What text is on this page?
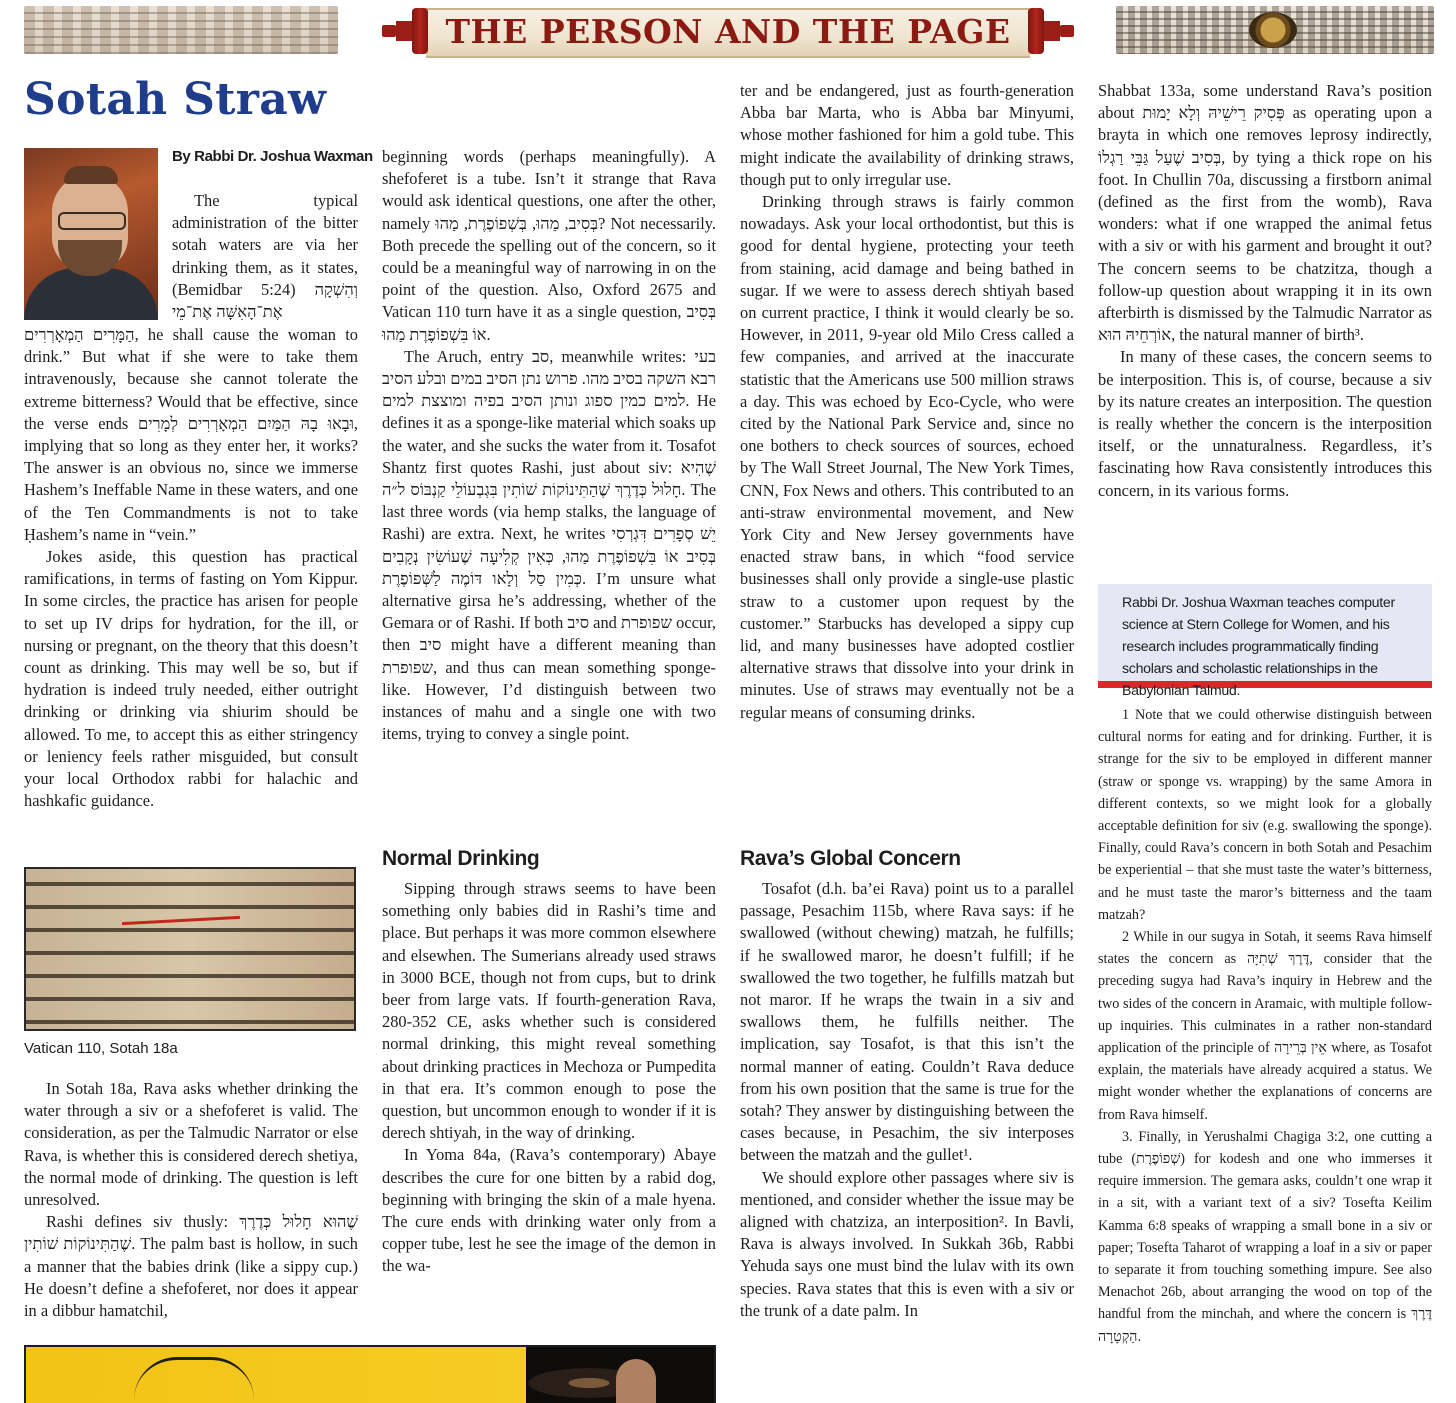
THE PERSON AND THE PAGE
Sotah Straw
By Rabbi Dr. Joshua Waxman

The typical administration of the bitter sotah waters are via her drinking them, as it states, (Bemidbar 5:24) וְהִשְׁקָה אֶת־הָאִשָּׁה אֶת־מֵי

הַמָּרִים הַמְאָרְרִים, he shall cause the woman to drink.” But what if she were to take them intravenously, because she cannot tolerate the extreme bitterness? Would that be effective, since the verse ends וּבָאוּ בָהּ הַמַּיִם הַמְאָרְרִים לְמָרִים, implying that so long as they enter her, it works? The answer is an obvious no, since we immerse Hashem’s Ineffable Name in these waters, and one of the Ten Commandments is not to take Ḥashem’s name in “vein.”

Jokes aside, this question has practical ramifications, in terms of fasting on Yom Kippur. In some circles, the practice has arisen for people to set up IV drips for hydration, for the ill, or nursing or pregnant, on the theory that this doesn’t count as drinking. This may well be so, but if hydration is indeed truly needed, either outright drinking or drinking via shiurim should be allowed. To me, to accept this as either stringency or leniency feels rather misguided, but consult your local Orthodox rabbi for halachic and hashkafic guidance.

Vatican 110, Sotah 18a

In Sotah 18a, Rava asks whether drinking the water through a siv or a shefoferet is valid. The consideration, as per the Talmudic Narrator or else Rava, is whether this is considered derech shetiya, the normal mode of drinking. The question is left unresolved.

Rashi defines siv thusly: שֶׁהוּא חָלוּל כְּדֶרֶךְ שֶׁהַתִּינוֹקוֹת שׁוֹתִין. The palm bast is hollow, in such a manner that the babies drink (like a sippy cup.) He doesn’t define a shefoferet, nor does it appear in a dibbur hamatchil,

beginning words (perhaps meaningfully). A shefoferet is a tube. Isn’t it strange that Rava would ask identical questions, one after the other, namely בְּסִיב, מַהוּ, בְּשְׁפוֹפֶרֶת, מַהוּ? Not necessarily. Both precede the spelling out of the concern, so it could be a meaningful way of narrowing in on the point of the question. Also, Oxford 2675 and Vatican 110 turn have it as a single question, בְּסִיב אוֹ בִּשְׁפוֹפֶרֶת מַהוּ.

The Aruch, entry סב, meanwhile writes: בעי רבא השקה בסיב מהו. פרוש נתן הסיב במים ובלע הסיב למים כמין ספוג ונותן הסיב בפיה ומוצצת למים. He defines it as a sponge-like material which soaks up the water, and she sucks the water from it. Tosafot Shantz first quotes Rashi, just about siv: שֶׁהִיא חָלוּל כְּדֶרֶךְ שֶׁהַתִּינוֹקוֹת שׁוֹתִין בִּגְבְעוֹלֵי קַנְבּוֹס ל״ה. The last three words (via hemp stalks, the language of Rashi) are extra. Next, he writes יֵשׁ סְפָרִים דִּגְרְסִי בְּסִיב אוֹ בִּשְׁפוֹפֶרֶת מַהוּ, כְּאִין קְלִיעָה שֶׁעוֹשִׂין נְקָבִים כְּמִין סַל וְלָאו דּוֹמֶה לַשְּׁפוֹפֶרֶת. I’m unsure what alternative girsa he’s addressing, whether of the Gemara or of Rashi. If both סיב and שפופרת occur, then סיב might have a different meaning than שפופרת, and thus can mean something sponge-like. However, I’d distinguish between two instances of mahu and a single one with two items, trying to convey a single point.

Normal Drinking

Sipping through straws seems to have been something only babies did in Rashi’s time and place. But perhaps it was more common elsewhere and elsewhen. The Sumerians already used straws in 3000 BCE, though not from cups, but to drink beer from large vats. If fourth-generation Rava, 280-352 CE, asks whether such is considered normal drinking, this might reveal something about drinking practices in Mechoza or Pumpedita in that era. It’s common enough to pose the question, but uncommon enough to wonder if it is derech shtiyah, in the way of drinking.

In Yoma 84a, (Rava’s contemporary) Abaye describes the cure for one bitten by a rabid dog, beginning with bringing the skin of a male hyena. The cure ends with drinking water only from a copper tube, lest he see the image of the demon in the wa-

ter and be endangered, just as fourth-generation Abba bar Marta, who is Abba bar Minyumi, whose mother fashioned for him a gold tube. This might indicate the availability of drinking straws, though put to only irregular use.

Drinking through straws is fairly common nowadays. Ask your local orthodontist, but this is good for dental hygiene, protecting your teeth from staining, acid damage and being bathed in sugar. If we were to assess derech shtiyah based on current practice, I think it would clearly be so. However, in 2011, 9-year old Milo Cress called a few companies, and arrived at the inaccurate statistic that the Americans use 500 million straws a day. This was echoed by Eco-Cycle, who were cited by the National Park Service and, since no one bothers to check sources of sources, echoed by The Wall Street Journal, The New York Times, CNN, Fox News and others. This contributed to an anti-straw environmental movement, and New York City and New Jersey governments have enacted straw bans, in which “food service businesses shall only provide a single-use plastic straw to a customer upon request by the customer.” Starbucks has developed a sippy cup lid, and many businesses have adopted costlier alternative straws that dissolve into your drink in minutes. Use of straws may eventually not be a regular means of consuming drinks.

Rava’s Global Concern

Tosafot (d.h. ba’ei Rava) point us to a parallel passage, Pesachim 115b, where Rava says: if he swallowed (without chewing) matzah, he fulfills; if he swallowed maror, he doesn’t fulfill; if he swallowed the two together, he fulfills matzah but not maror. If he wraps the twain in a siv and swallows them, he fulfills neither. The implication, say Tosafot, is that this isn’t the normal manner of eating. Couldn’t Rava deduce from his own position that the same is true for the sotah? They answer by distinguishing between the cases because, in Pesachim, the siv interposes between the matzah and the gullet¹.

We should explore other passages where siv is mentioned, and consider whether the issue may be aligned with chatziza, an interposition². In Bavli, Rava is always involved. In Sukkah 36b, Rabbi Yehuda says one must bind the lulav with its own species. Rava states that this is even with a siv or the trunk of a date palm. In

Shabbat 133a, some understand Rava’s position about פְּסִיק רֵישֵׁיהּ וְלָא יָמוּת as operating upon a brayta in which one removes leprosy indirectly, בְּסִיב שֶׁעַל גַּבֵּי רַגְלוֹ, by tying a thick rope on his foot. In Chullin 70a, discussing a firstborn animal (defined as the first from the womb), Rava wonders: what if one wrapped the animal fetus with a siv or with his garment and brought it out? The concern seems to be chatzitza, though a follow-up question about wrapping it in its own afterbirth is dismissed by the Talmudic Narrator as אוֹרְחֵיהּ הוּא, the natural manner of birth³.

In many of these cases, the concern seems to be interposition. This is, of course, because a siv by its nature creates an interposition. The question is really whether the concern is the interposition itself, or the unnaturalness. Regardless, it’s fascinating how Rava consistently introduces this concern, in its various forms.

Rabbi Dr. Joshua Waxman teaches computer science at Stern College for Women, and his research includes programmatically finding scholars and scholastic relationships in the Babylonian Talmud.

1 Note that we could otherwise distinguish between cultural norms for eating and for drinking. Further, it is strange for the siv to be employed in different manner (straw or sponge vs. wrapping) by the same Amora in different contexts, so we might look for a globally acceptable definition for siv (e.g. swallowing the sponge). Finally, could Rava’s concern in both Sotah and Pesachim be experiential – that she must taste the water’s bitterness, and he must taste the maror’s bitterness and the taam matzah?

2 While in our sugya in Sotah, it seems Rava himself states the concern as דֶּרֶךְ שְׁתִיָּה, consider that the preceding sugya had Rava’s inquiry in Hebrew and the two sides of the concern in Aramaic, with multiple follow-up inquiries. This culminates in a rather non-standard application of the principle of אֵין בְּרֵירָה where, as Tosafot explain, the materials have already acquired a status. We might wonder whether the explanations of concerns are from Rava himself.

3. Finally, in Yerushalmi Chagiga 3:2, one cutting a tube (שְׁפוֹפֶרֶת) for kodesh and one who immerses it require immersion. The gemara asks, couldn’t one wrap it in a sit, with a variant text of a siv? Tosefta Keilim Kamma 6:8 speaks of wrapping a small bone in a siv or paper; Tosefta Taharot of wrapping a loaf in a siv or paper to separate it from touching something impure. See also Menachot 26b, about arranging the wood on top of the handful from the minchah, and where the concern is דֶּרֶךְ הַקְטָרָה.
